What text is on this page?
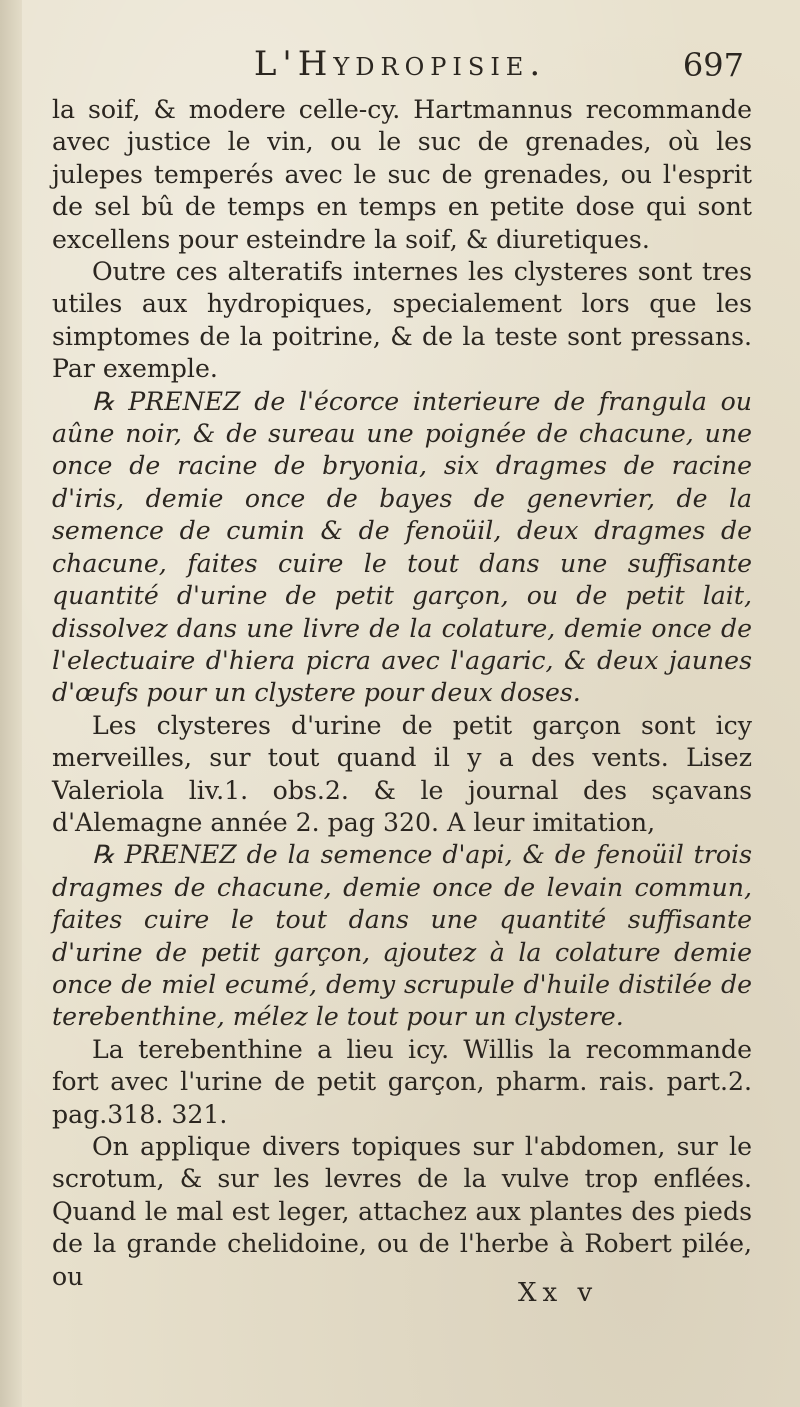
L'Hydropisie.	697

la soif, & modere celle-cy. Hartmannus recommande avec justice le vin, ou le suc de grenades, où les julepes temperés avec le suc de grenades, ou l'esprit de sel bû de temps en temps en petite dose qui sont excellens pour esteindre la soif, & diuretiques.

Outre ces alteratifs internes les clysteres sont tres utiles aux hydropiques, specialement lors que les simptomes de la poitrine, & de la teste sont pressans. Par exemple.

℞ PRENEZ de l'écorce interieure de frangula ou aûne noir, & de sureau une poignée de chacune, une once de racine de bryonia, six dragmes de racine d'iris, demie once de bayes de genevrier, de la semence de cumin & de fenoüil, deux dragmes de chacune, faites cuire le tout dans une suffisante quantité d'urine de petit garçon, ou de petit lait, dissolvez dans une livre de la colature, demie once de l'electuaire d'hiera picra avec l'agaric, & deux jaunes d'œufs pour un clystere pour deux doses.

Les clysteres d'urine de petit garçon sont icy merveilles, sur tout quand il y a des vents. Lisez Valeriola liv.1. obs.2. & le journal des sçavans d'Alemagne année 2. pag 320. A leur imitation,

℞ PRENEZ de la semence d'api, & de fenoüil trois dragmes de chacune, demie once de levain commun, faites cuire le tout dans une quantité suffisante d'urine de petit garçon, ajoutez à la colature demie once de miel ecumé, demy scrupule d'huile distilée de terebenthine, mélez le tout pour un clystere.

La terebenthine a lieu icy. Willis la recommande fort avec l'urine de petit garçon, pharm. rais. part.2. pag.318. 321.

On applique divers topiques sur l'abdomen, sur le scrotum, & sur les levres de la vulve trop enflées. Quand le mal est leger, attachez aux plantes des pieds de la grande chelidoine, ou de l'herbe à Robert pilée, ou

Xx v
